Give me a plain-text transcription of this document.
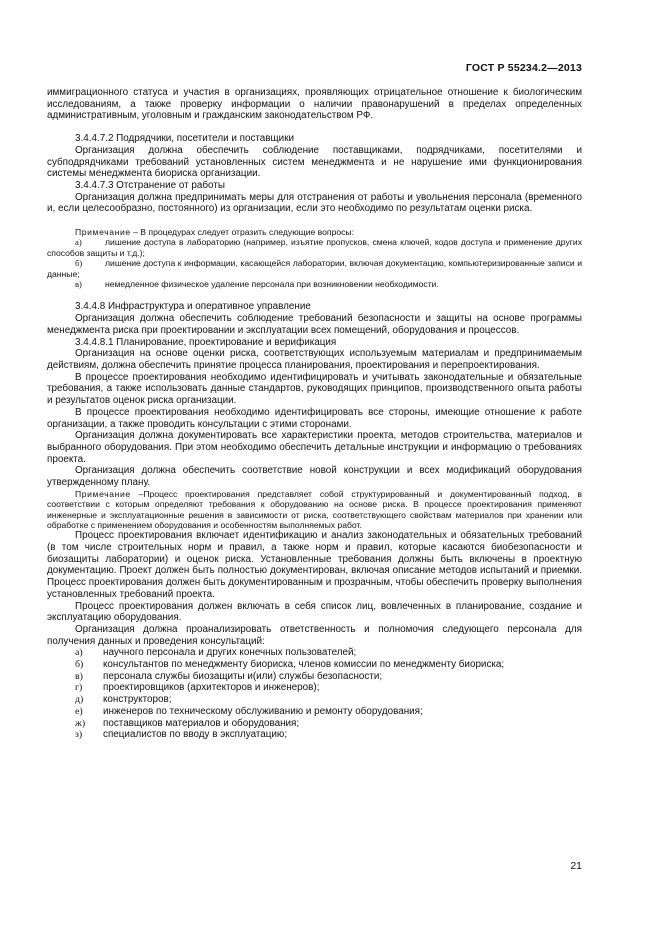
ГОСТ Р 55234.2—2013

иммиграционного статуса и участия в организациях, проявляющих отрицательное отношение к биологическим исследованиям, а также проверку информации о наличии правонарушений в пределах определенных административным, уголовным и гражданским законодательством РФ.

3.4.4.7.2 Подрядчики, посетители и поставщики

Организация должна обеспечить соблюдение поставщиками, подрядчиками, посетителями и субподрядчиками требований установленных систем менеджмента и не нарушение ими функционирования системы менеджмента биориска организации.

3.4.4.7.3 Отстранение от работы

Организация должна предпринимать меры для отстранения от работы и увольнения персонала (временного и, если целесообразно, постоянного) из организации, если это необходимо по результатам оценки риска.

Примечание – В процедурах следует отразить следующие вопросы:

а)	лишение доступа в лабораторию (например, изъятие пропусков, смена ключей, кодов доступа и применение других способов защиты и т.д.);

б)	лишение доступа к информации, касающейся лаборатории, включая документацию, компьютеризированные записи и данные;

в)	немедленное физическое удаление персонала при возникновении необходимости.

3.4.4.8 Инфраструктура и оперативное управление

Организация должна обеспечить соблюдение требований безопасности и защиты на основе программы менеджмента риска при проектировании и эксплуатации всех помещений, оборудования и процессов.

3.4.4.8.1 Планирование, проектирование и верификация

Организация на основе оценки риска, соответствующих используемым материалам и предпринимаемым действиям, должна обеспечить принятие процесса планирования, проектирования и перепроектирования.

В процессе проектирования необходимо идентифицировать и учитывать законодательные и обязательные требования, а также использовать данные стандартов, руководящих принципов, производственного опыта работы и результатов оценок риска организации.

В процессе проектирования необходимо идентифицировать все стороны, имеющие отношение к работе организации, а также проводить консультации с этими сторонами.

Организация должна документировать все характеристики проекта, методов строительства, материалов и выбранного оборудования. При этом необходимо обеспечить детальные инструкции и информацию о требованиях проекта.

Организация должна обеспечить соответствие новой конструкции и всех модификаций оборудования утвержденному плану.

Примечание –Процесс проектирования представляет собой структурированный и документированный подход, в соответствии с которым определяют требования к оборудованию на основе риска. В процессе проектирования применяют инженерные и эксплуатационные решения в зависимости от риска, соответствующего свойствам материалов при хранении или обработке с применением оборудования и особенностям выполняемых работ.

Процесс проектирования включает идентификацию и анализ законодательных и обязательных требований (в том числе строительных норм и правил, а также норм и правил, которые касаются биобезопасности и биозащиты лаборатории) и оценок риска. Установленные требования должны быть включены в проектную документацию. Проект должен быть полностью документирован, включая описание методов испытаний и приемки. Процесс проектирования должен быть документированным и прозрачным, чтобы обеспечить проверку выполнения установленных требований проекта.

Процесс проектирования должен включать в себя список лиц, вовлеченных в планирование, создание и эксплуатацию оборудования.

Организация должна проанализировать ответственность и полномочия следующего персонала для получения данных и проведения консультаций:

а)	научного персонала и других конечных пользователей;
б)	консультантов по менеджменту биориска, членов комиссии по менеджменту биориска;
в)	персонала службы биозащиты и(или) службы безопасности;
г)	проектировщиков (архитекторов и инженеров);
д)	конструкторов;
е)	инженеров по техническому обслуживанию и ремонту оборудования;
ж)	поставщиков материалов и оборудования;
з)	специалистов по вводу в эксплуатацию;
21
